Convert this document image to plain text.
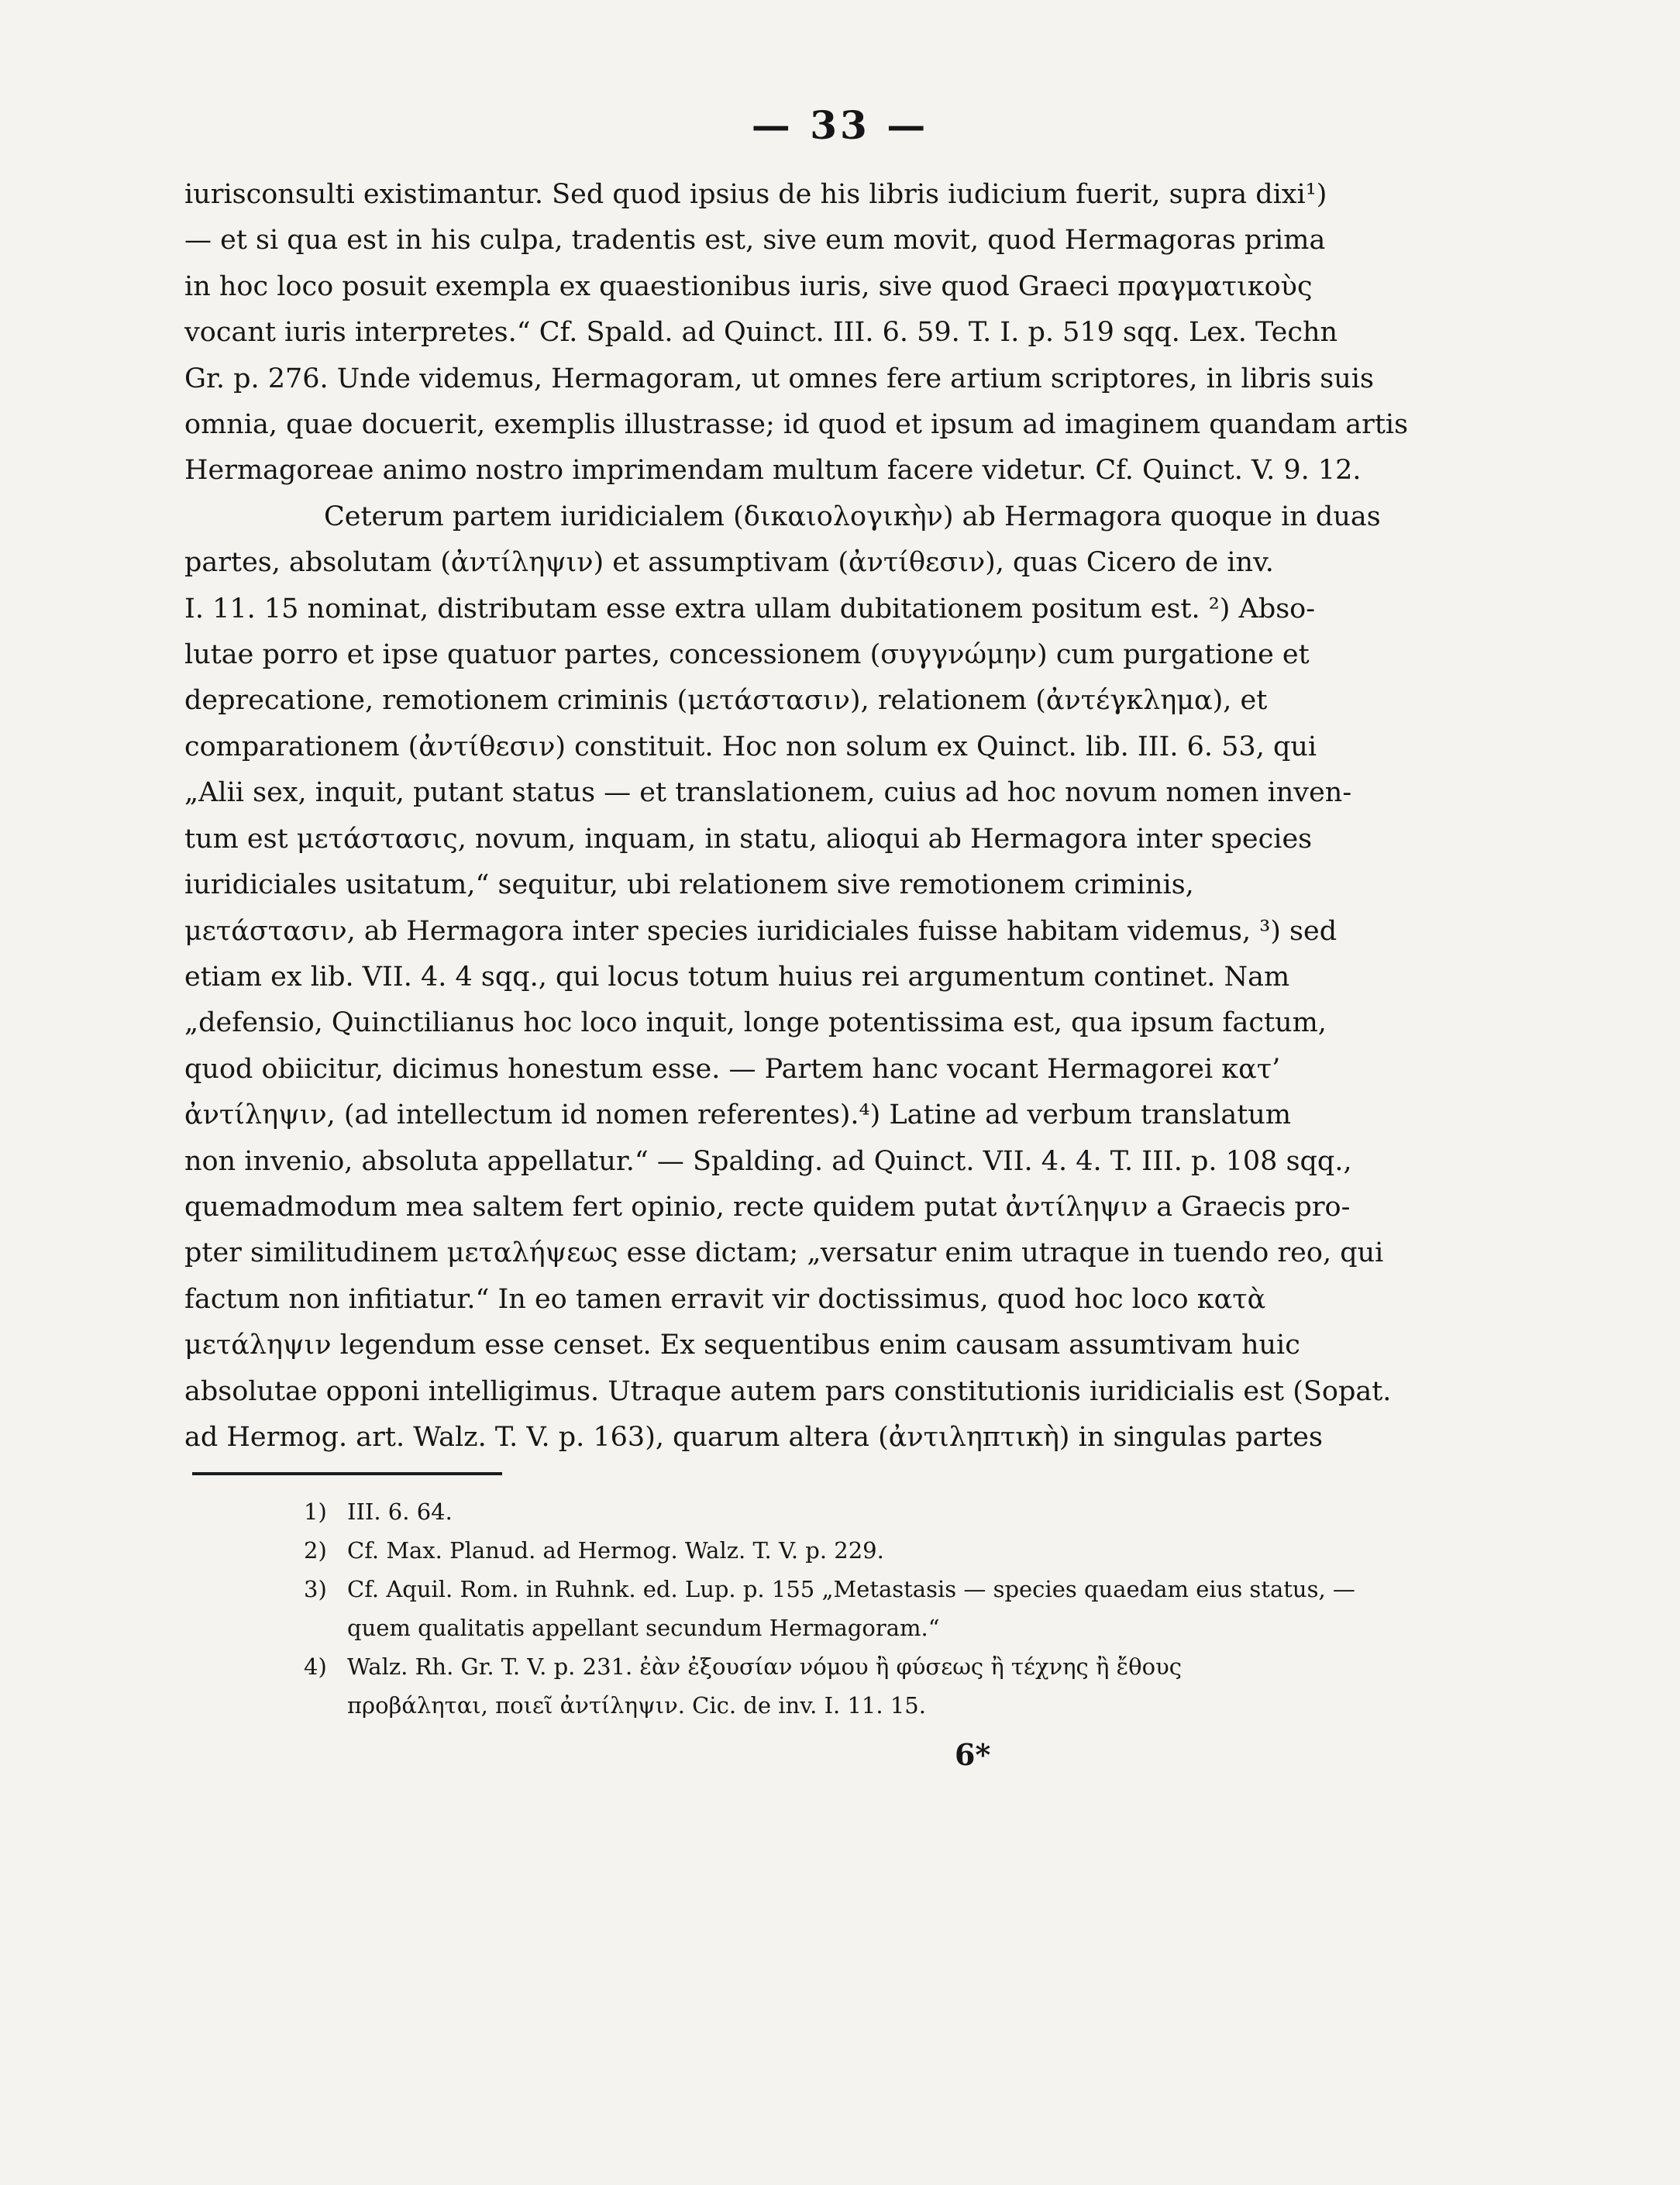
— 33 —
iurisconsulti existimantur. Sed quod ipsius de his libris iudicium fuerit, supra dixi¹)
— et si qua est in his culpa, tradentis est, sive eum movit, quod Hermagoras prima
in hoc loco posuit exempla ex quaestionibus iuris, sive quod Graeci πραγματικοὺς
vocant iuris interpretes.“ Cf. Spald. ad Quinct. III. 6. 59. T. I. p. 519 sqq. Lex. Techn
Gr. p. 276. Unde videmus, Hermagoram, ut omnes fere artium scriptores, in libris suis
omnia, quae docuerit, exemplis illustrasse; id quod et ipsum ad imaginem quandam artis
Hermagoreae animo nostro imprimendam multum facere videtur. Cf. Quinct. V. 9. 12.
Ceterum partem iuridicialem (δικαιολογικὴν) ab Hermagora quoque in duas
partes, absolutam (ἀντίληψιν) et assumptivam (ἀντίθεσιν), quas Cicero de inv.
I. 11. 15 nominat, distributam esse extra ullam dubitationem positum est. ²) Abso-
lutae porro et ipse quatuor partes, concessionem (συγγνώμην) cum purgatione et
deprecatione, remotionem criminis (μετάστασιν), relationem (ἀντέγκλημα), et
comparationem (ἀντίθεσιν) constituit. Hoc non solum ex Quinct. lib. III. 6. 53, qui
„Alii sex, inquit, putant status — et translationem, cuius ad hoc novum nomen inven-
tum est μετάστασις, novum, inquam, in statu, alioqui ab Hermagora inter species
iuridiciales usitatum,“ sequitur, ubi relationem sive remotionem criminis,
μετάστασιν, ab Hermagora inter species iuridiciales fuisse habitam videmus, ³) sed
etiam ex lib. VII. 4. 4 sqq., qui locus totum huius rei argumentum continet. Nam
„defensio, Quinctilianus hoc loco inquit, longe potentissima est, qua ipsum factum,
quod obiicitur, dicimus honestum esse. — Partem hanc vocant Hermagorei κατ’
ἀντίληψιν, (ad intellectum id nomen referentes).⁴) Latine ad verbum translatum
non invenio, absoluta appellatur.“ — Spalding. ad Quinct. VII. 4. 4. T. III. p. 108 sqq.,
quemadmodum mea saltem fert opinio, recte quidem putat ἀντίληψιν a Graecis pro-
pter similitudinem μεταλήψεως esse dictam; „versatur enim utraque in tuendo reo, qui
factum non infitiatur.“ In eo tamen erravit vir doctissimus, quod hoc loco κατὰ
μετάληψιν legendum esse censet. Ex sequentibus enim causam assumtivam huic
absolutae opponi intelligimus. Utraque autem pars constitutionis iuridicialis est (Sopat.
ad Hermog. art. Walz. T. V. p. 163), quarum altera (ἀντιληπτικὴ) in singulas partes
1) III. 6. 64.
2) Cf. Max. Planud. ad Hermog. Walz. T. V. p. 229.
3) Cf. Aquil. Rom. in Ruhnk. ed. Lup. p. 155 „Metastasis — species quaedam eius status, —
quem qualitatis appellant secundum Hermagoram.“
4) Walz. Rh. Gr. T. V. p. 231. ἐὰν ἐξουσίαν νόμου ἢ φύσεως ἢ τέχνης ἢ ἔθους
προβάληται, ποιεῖ ἀντίληψιν. Cic. de inv. I. 11. 15.
6*
